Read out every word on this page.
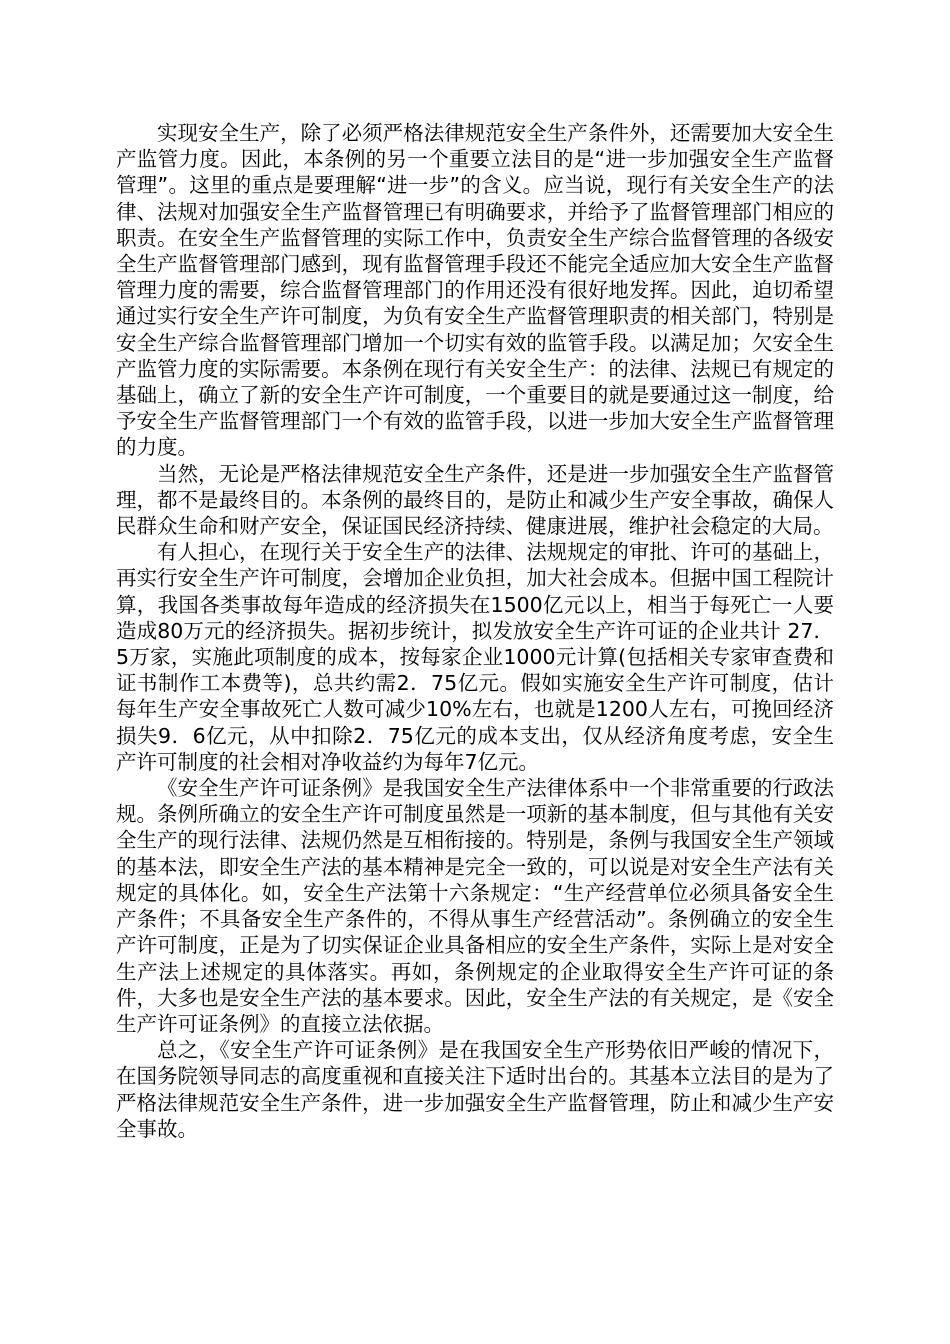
实现安全生产，除了必须严格法律规范安全生产条件外，还需要加大安全生产监管力度。因此，本条例的另一个重要立法目的是“进一步加强安全生产监督管理”。这里的重点是要理解“进一步”的含义。应当说，现行有关安全生产的法律、法规对加强安全生产监督管理已有明确要求，并给予了监督管理部门相应的职责。在安全生产监督管理的实际工作中，负责安全生产综合监督管理的各级安全生产监督管理部门感到，现有监督管理手段还不能完全适应加大安全生产监督管理力度的需要，综合监督管理部门的作用还没有很好地发挥。因此，迫切希望通过实行安全生产许可制度，为负有安全生产监督管理职责的相关部门，特别是安全生产综合监督管理部门增加一个切实有效的监管手段。以满足加；欠安全生产监管力度的实际需要。本条例在现行有关安全生产：的法律、法规已有规定的基础上，确立了新的安全生产许可制度，一个重要目的就是要通过这一制度，给予安全生产监督管理部门一个有效的监管手段，以进一步加大安全生产监督管理的力度。

当然，无论是严格法律规范安全生产条件，还是进一步加强安全生产监督管理，都不是最终目的。本条例的最终目的，是防止和减少生产安全事故，确保人民群众生命和财产安全，保证国民经济持续、健康进展，维护社会稳定的大局。

有人担心，在现行关于安全生产的法律、法规规定的审批、许可的基础上，再实行安全生产许可制度，会增加企业负担，加大社会成本。但据中国工程院计算，我国各类事故每年造成的经济损失在1500亿元以上，相当于每死亡一人要造成80万元的经济损失。据初步统计，拟发放安全生产许可证的企业共计 27．5万家，实施此项制度的成本，按每家企业1000元计算(包括相关专家审查费和证书制作工本费等)，总共约需2．75亿元。假如实施安全生产许可制度，估计每年生产安全事故死亡人数可减少10%左右，也就是1200人左右，可挽回经济损失9．6亿元，从中扣除2．75亿元的成本支出，仅从经济角度考虑，安全生产许可制度的社会相对净收益约为每年7亿元。

《安全生产许可证条例》是我国安全生产法律体系中一个非常重要的行政法规。条例所确立的安全生产许可制度虽然是一项新的基本制度，但与其他有关安全生产的现行法律、法规仍然是互相衔接的。特别是，条例与我国安全生产领域的基本法，即安全生产法的基本精神是完全一致的，可以说是对安全生产法有关规定的具体化。如，安全生产法第十六条规定：“生产经营单位必须具备安全生产条件；不具备安全生产条件的，不得从事生产经营活动”。条例确立的安全生产许可制度，正是为了切实保证企业具备相应的安全生产条件，实际上是对安全生产法上述规定的具体落实。再如，条例规定的企业取得安全生产许可证的条件，大多也是安全生产法的基本要求。因此，安全生产法的有关规定，是《安全生产许可证条例》的直接立法依据。

总之，《安全生产许可证条例》是在我国安全生产形势依旧严峻的情况下，在国务院领导同志的高度重视和直接关注下适时出台的。其基本立法目的是为了严格法律规范安全生产条件，进一步加强安全生产监督管理，防止和减少生产安全事故。
